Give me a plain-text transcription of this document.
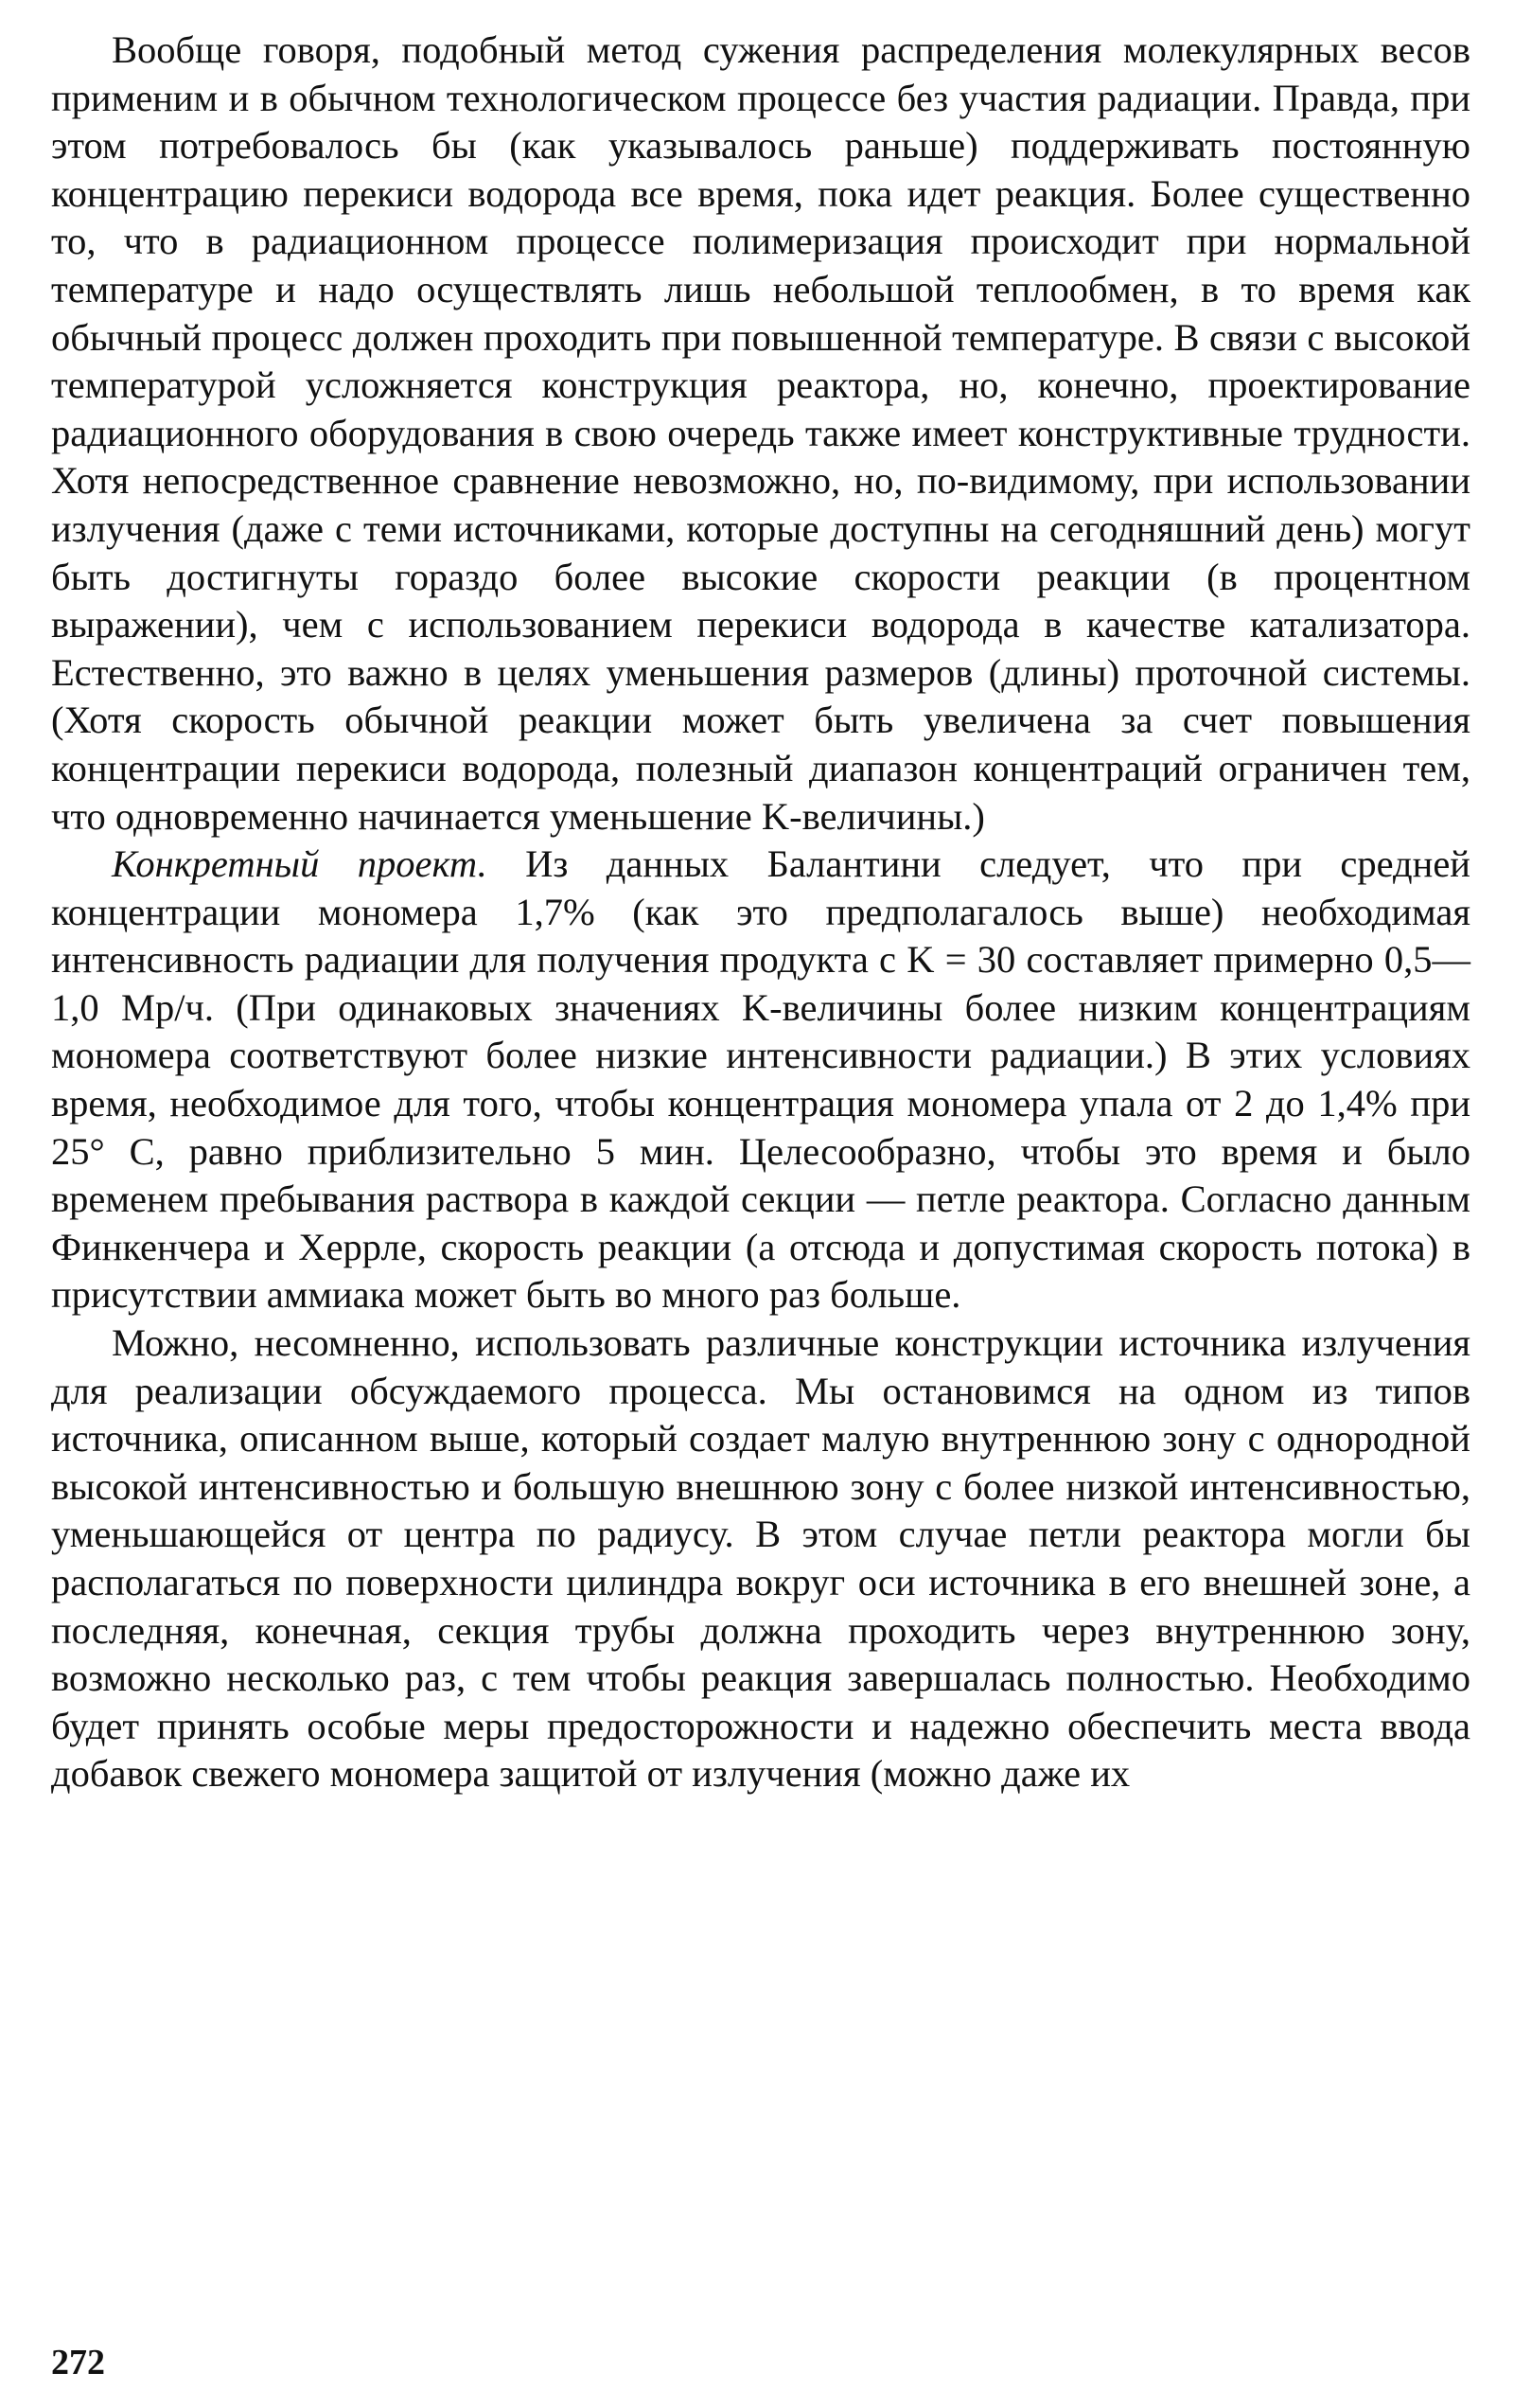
Вообще говоря, подобный метод сужения распределения молекулярных весов применим и в обычном технологическом процессе без участия радиации. Правда, при этом потребовалось бы (как указывалось раньше) поддерживать постоянную концентрацию перекиси водорода все время, пока идет реакция. Более существенно то, что в радиационном процессе полимеризация происходит при нормальной температуре и надо осуществлять лишь небольшой теплообмен, в то время как обычный процесс должен проходить при повышенной температуре. В связи с высокой температурой усложняется конструкция реактора, но, конечно, проектирование радиационного оборудования в свою очередь также имеет конструктивные трудности. Хотя непосредственное сравнение невозможно, но, по-видимому, при использовании излучения (даже с теми источниками, которые доступны на сегодняшний день) могут быть достигнуты гораздо более высокие скорости реакции (в процентном выражении), чем с использованием перекиси водорода в качестве катализатора. Естественно, это важно в целях уменьшения размеров (длины) проточной системы. (Хотя скорость обычной реакции может быть увеличена за счет повышения концентрации перекиси водорода, полезный диапазон концентраций ограничен тем, что одновременно начинается уменьшение K-величины.)

Конкретный проект. Из данных Балантини следует, что при средней концентрации мономера 1,7% (как это предполагалось выше) необходимая интенсивность радиации для получения продукта с K = 30 составляет примерно 0,5—1,0 Мр/ч. (При одинаковых значениях K-величины более низким концентрациям мономера соответствуют более низкие интенсивности радиации.) В этих условиях время, необходимое для того, чтобы концентрация мономера упала от 2 до 1,4% при 25° С, равно приблизительно 5 мин. Целесообразно, чтобы это время и было временем пребывания раствора в каждой секции — петле реактора. Согласно данным Финкенчера и Херрле, скорость реакции (а отсюда и допустимая скорость потока) в присутствии аммиака может быть во много раз больше.

Можно, несомненно, использовать различные конструкции источника излучения для реализации обсуждаемого процесса. Мы остановимся на одном из типов источника, описанном выше, который создает малую внутреннюю зону с однородной высокой интенсивностью и большую внешнюю зону с более низкой интенсивностью, уменьшающейся от центра по радиусу. В этом случае петли реактора могли бы располагаться по поверхности цилиндра вокруг оси источника в его внешней зоне, а последняя, конечная, секция трубы должна проходить через внутреннюю зону, возможно несколько раз, с тем чтобы реакция завершалась полностью. Необходимо будет принять особые меры предосторожности и надежно обеспечить места ввода добавок свежего мономера защитой от излучения (можно даже их

272
